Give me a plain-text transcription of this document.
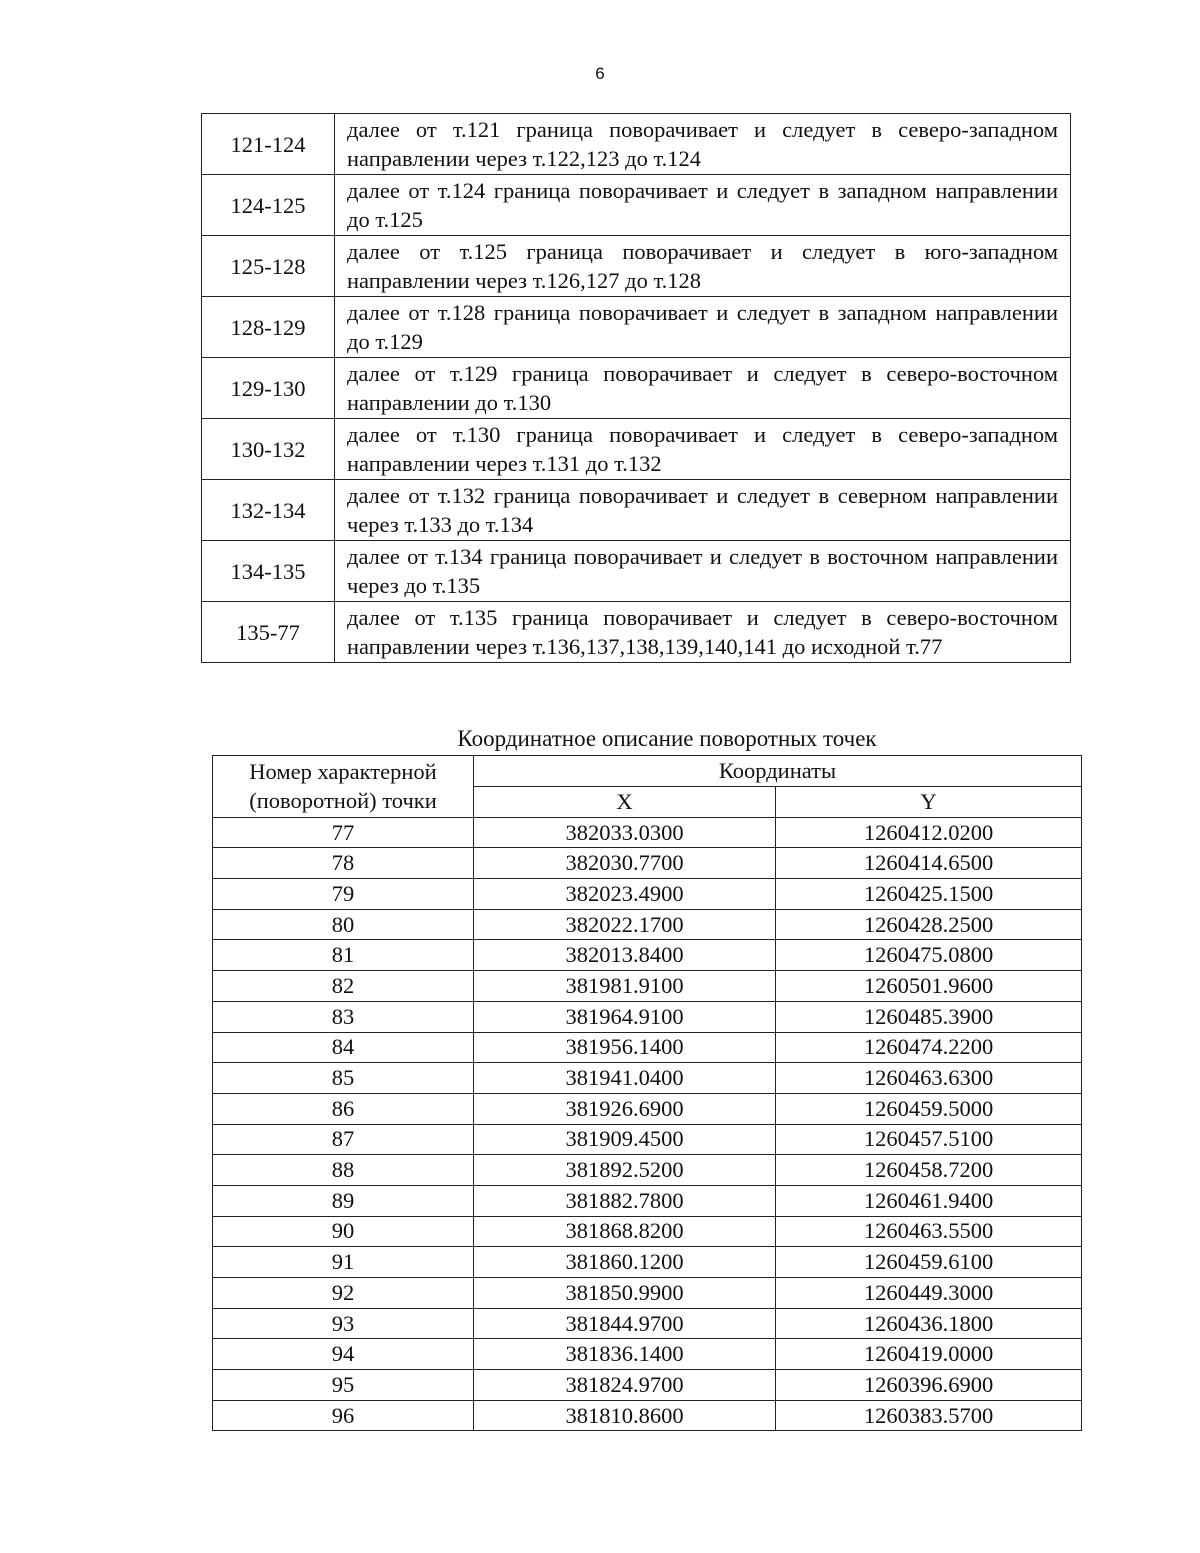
6
121-124	далее от т.121 граница поворачивает и следует в северо-западном направлении через т.122,123 до т.124
124-125	далее от т.124 граница поворачивает и следует в западном направлении до т.125
125-128	далее от т.125 граница поворачивает и следует в юго-западном направлении через т.126,127 до т.128
128-129	далее от т.128 граница поворачивает и следует в западном направлении до т.129
129-130	далее от т.129 граница поворачивает и следует в северо-восточном направлении до т.130
130-132	далее от т.130 граница поворачивает и следует в северо-западном направлении через т.131 до т.132
132-134	далее от т.132 граница поворачивает и следует в северном направлении через т.133 до т.134
134-135	далее от т.134 граница поворачивает и следует в восточном направлении через до т.135
135-77	далее от т.135 граница поворачивает и следует в северо-восточном направлении через т.136,137,138,139,140,141 до исходной т.77
Координатное описание поворотных точек
Номер характерной (поворотной) точки	Координаты	
	X	Y
77	382033.0300	1260412.0200
78	382030.7700	1260414.6500
79	382023.4900	1260425.1500
80	382022.1700	1260428.2500
81	382013.8400	1260475.0800
82	381981.9100	1260501.9600
83	381964.9100	1260485.3900
84	381956.1400	1260474.2200
85	381941.0400	1260463.6300
86	381926.6900	1260459.5000
87	381909.4500	1260457.5100
88	381892.5200	1260458.7200
89	381882.7800	1260461.9400
90	381868.8200	1260463.5500
91	381860.1200	1260459.6100
92	381850.9900	1260449.3000
93	381844.9700	1260436.1800
94	381836.1400	1260419.0000
95	381824.9700	1260396.6900
96	381810.8600	1260383.5700
